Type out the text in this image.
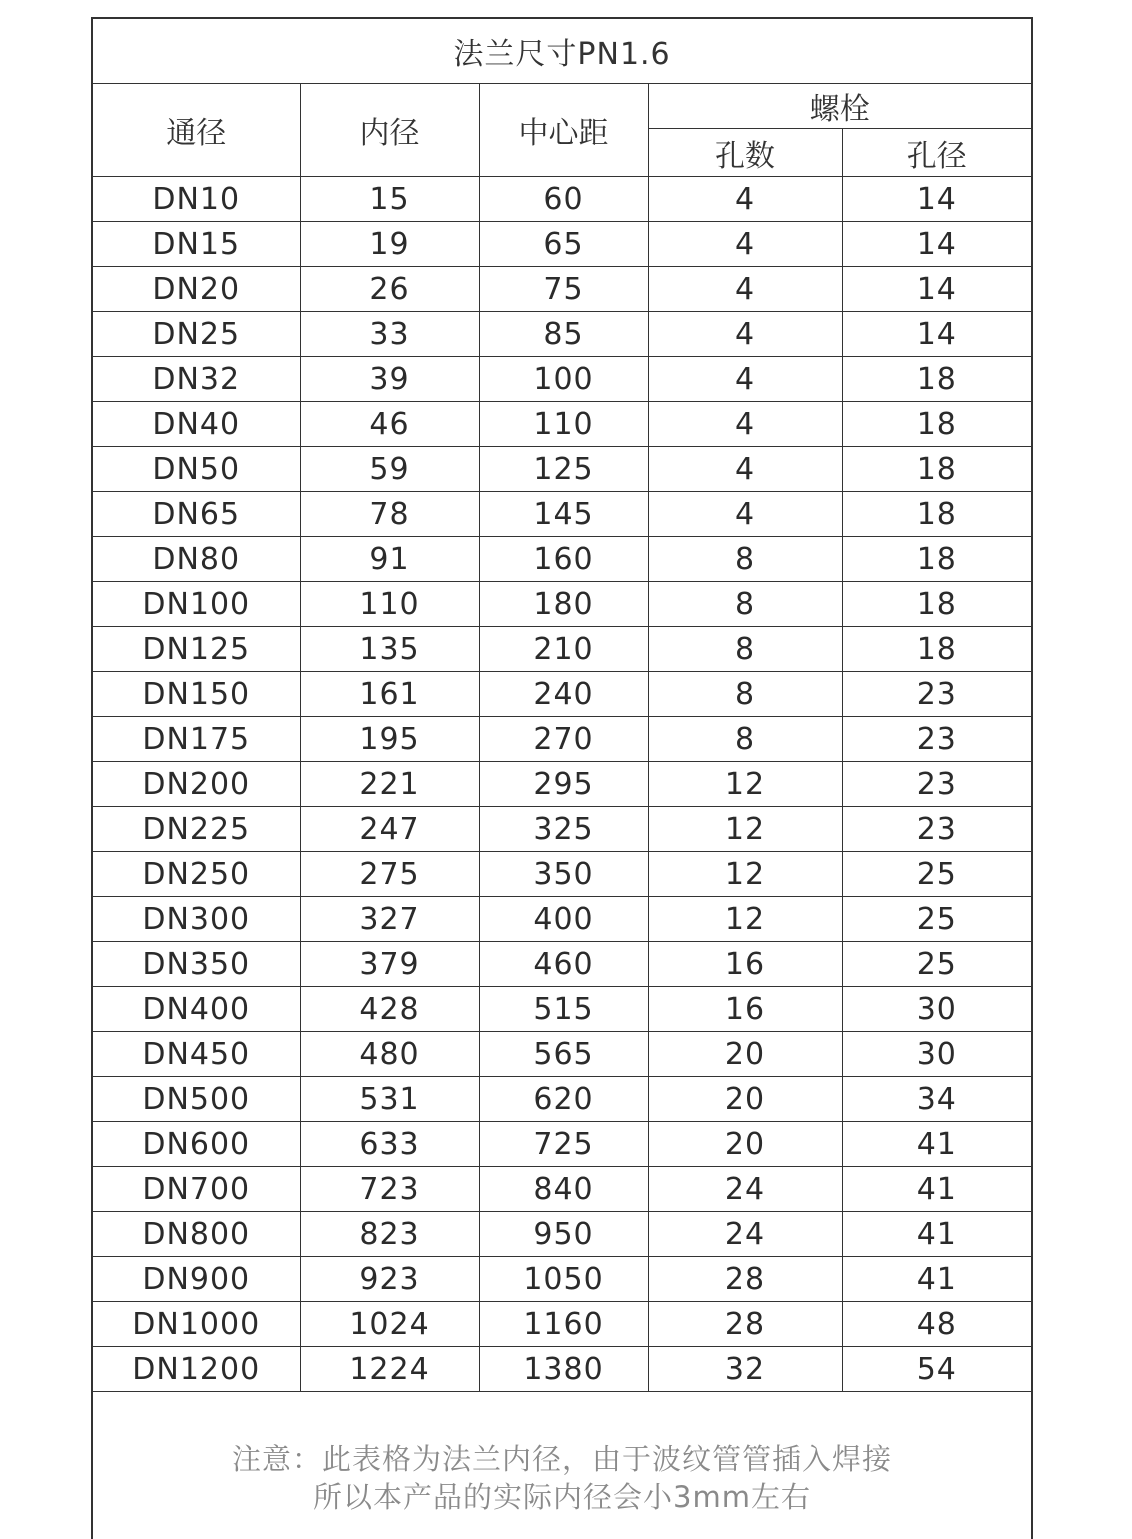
法兰尺寸PN1.6				
通径	内径	中心距	螺栓	
			孔数	孔径
DN10	15	60	4	14
DN15	19	65	4	14
DN20	26	75	4	14
DN25	33	85	4	14
DN32	39	100	4	18
DN40	46	110	4	18
DN50	59	125	4	18
DN65	78	145	4	18
DN80	91	160	8	18
DN100	110	180	8	18
DN125	135	210	8	18
DN150	161	240	8	23
DN175	195	270	8	23
DN200	221	295	12	23
DN225	247	325	12	23
DN250	275	350	12	25
DN300	327	400	12	25
DN350	379	460	16	25
DN400	428	515	16	30
DN450	480	565	20	30
DN500	531	620	20	34
DN600	633	725	20	41
DN700	723	840	24	41
DN800	823	950	24	41
DN900	923	1050	28	41
DN1000	1024	1160	28	48
DN1200	1224	1380	32	54
注意：此表格为法兰内径，由于波纹管管插入焊接
所以本产品的实际内径会小3mm左右
